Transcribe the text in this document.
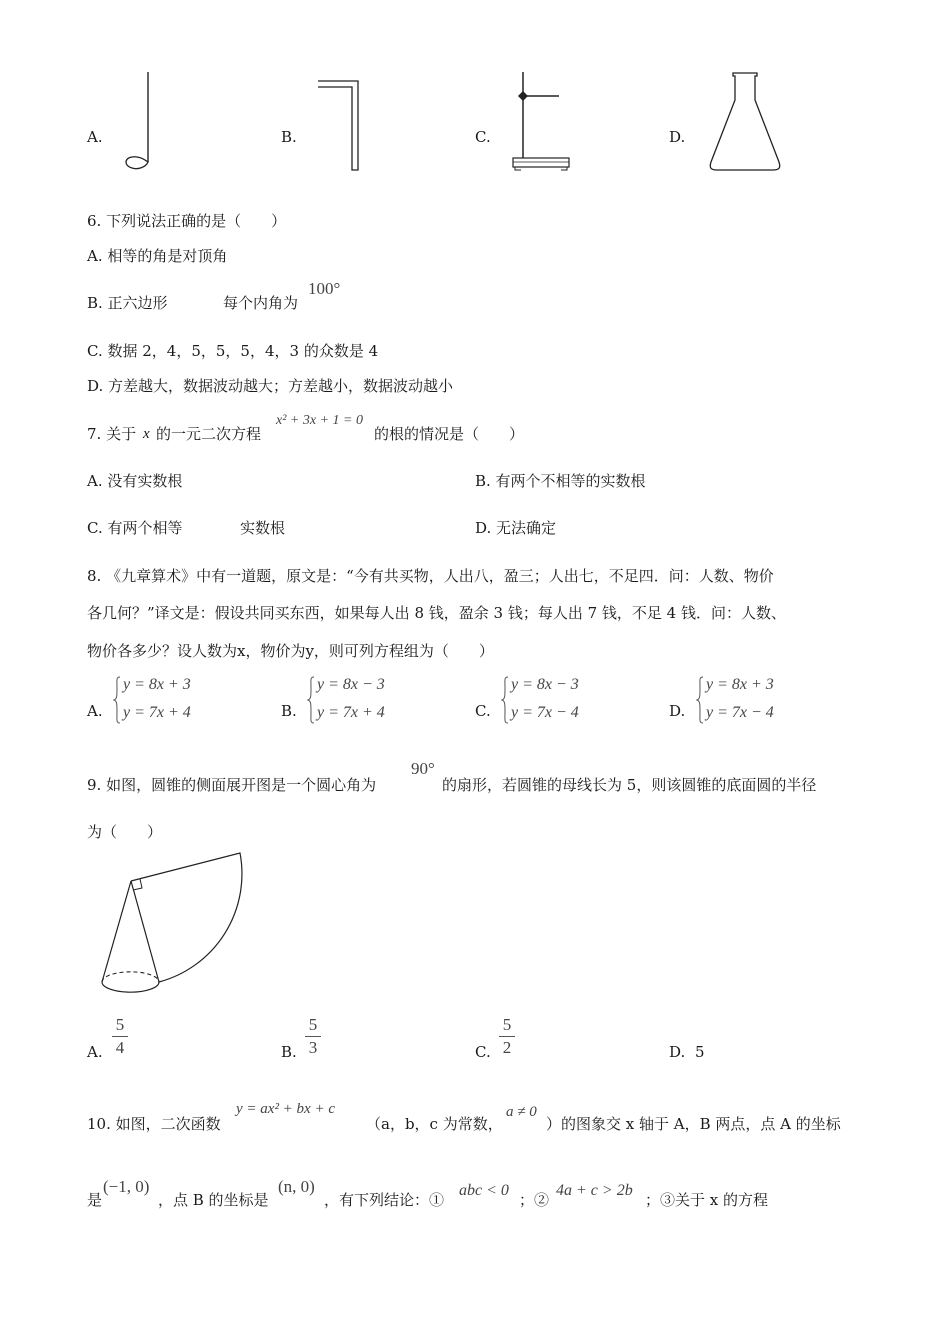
A.	B.	C.	D.
6. 下列说法正确的是（　　）
A. 相等的角是对顶角
B. 正六边形	每个内角为
100°
C. 数据 2，4，5，5，5，4，3 的众数是 4
D. 方差越大，数据波动越大；方差越小，数据波动越小
7. 关于 x 的一元二次方程
x² + 3x + 1 = 0
的根的情况是（　　）
A. 没有实数根	B. 有两个不相等的实数根
C. 有两个相等	实数根	D. 无法确定
8. 《九章算术》中有一道题，原文是：“今有共买物，人出八，盈三；人出七，不足四．问：人数、物价
各几何？”译文是：假设共同买东西，如果每人出 8 钱，盈余 3 钱；每人出 7 钱，不足 4 钱．问：人数、
物价各多少？设人数为x，物价为y，则可列方程组为（　　）
A.
y = 8x + 3
y = 7x + 4	B.
y = 8x − 3
y = 7x + 4	C.
y = 8x − 3
y = 7x − 4	D.
y = 8x + 3
y = 7x − 4
9. 如图，圆锥的侧面展开图是一个圆心角为
90°
的扇形，若圆锥的母线长为 5，则该圆锥的底面圆的半径
为（　　）
A.
5
4	B.
5
3	C.
5
2	D. 5
10. 如图，二次函数
y = ax² + bx + c
（a，b，c 为常数，
a ≠ 0
）的图象交 x 轴于 A，B 两点，点 A 的坐标
是
(−1, 0)
，点 B 的坐标是
(n, 0)
，有下列结论：①
abc < 0
；②
4a + c > 2b
；③关于 x 的方程
